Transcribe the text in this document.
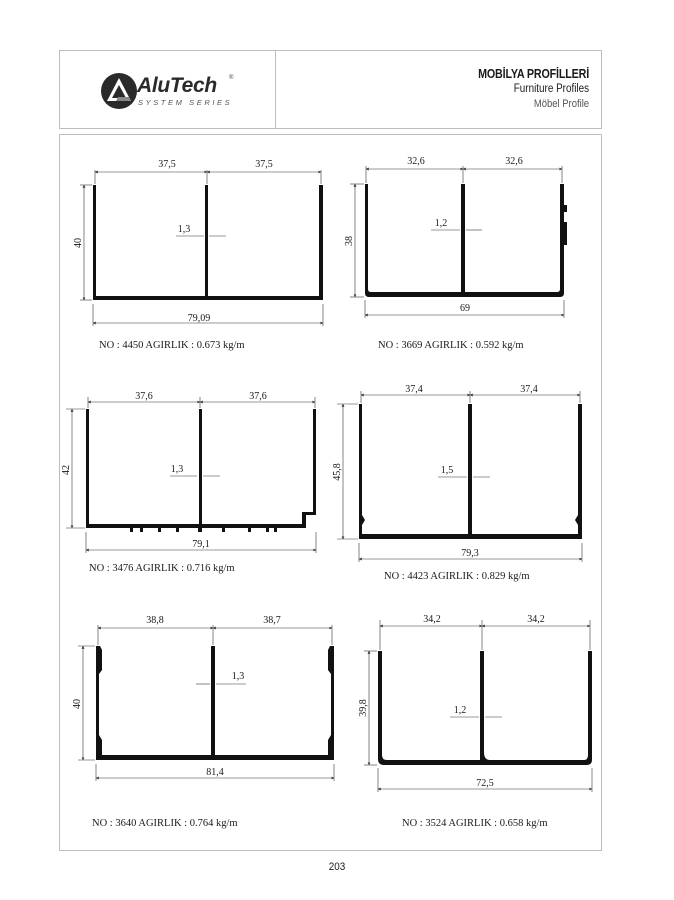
AluTech ®
SYSTEM SERIES
MOBİLYA PROFİLLERİ
Furniture Profiles
Möbel Profile
37,5	37,5
40
79,09
1,3
NO : 4450 AGIRLIK : 0.673 kg/m
32,6	32,6
38
69
1,2
NO : 3669 AGIRLIK : 0.592 kg/m
37,6	37,6
42
79,1
1,3
NO : 3476 AGIRLIK : 0.716 kg/m
37,4	37,4
45,8
79,3
1,5
NO : 4423 AGIRLIK : 0.829 kg/m
38,8	38,7
40
81,4
1,3
NO : 3640 AGIRLIK : 0.764 kg/m
34,2	34,2
39,8
72,5
1,2
NO : 3524 AGIRLIK : 0.658 kg/m
203
